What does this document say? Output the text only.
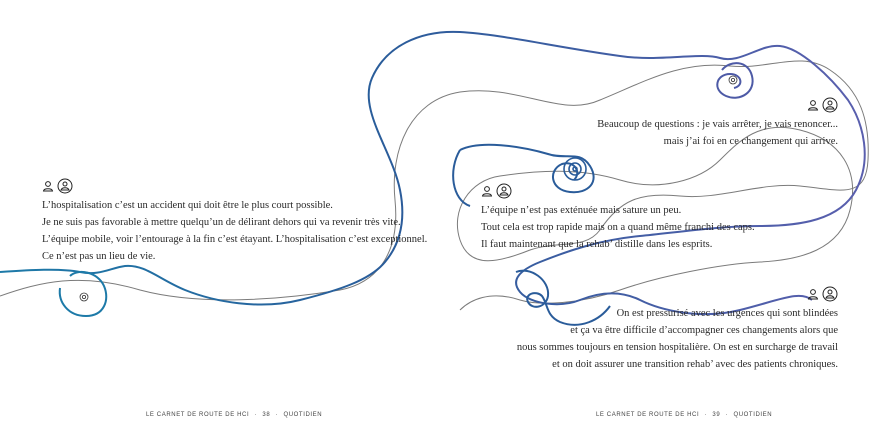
L’hospitalisation c’est un accident qui doit être le plus court possible.

Je ne suis pas favorable à mettre quelqu’un de délirant dehors qui va revenir très vite.

L’équipe mobile, voir l’entourage à la fin c’est étayant. L’hospitalisation c’est exceptionnel.

Ce n’est pas un lieu de vie.

Beaucoup de questions : je vais arrêter, je vais renoncer...

mais j’ai foi en ce changement qui arrive.

L’équipe n’est pas exténuée mais sature un peu.

Tout cela est trop rapide mais on a quand même franchi des caps.

Il faut maintenant que la rehab’ distille dans les esprits.

On est pressurisé avec les urgences qui sont blindées

et ça va être difficile d’accompagner ces changements alors que

nous sommes toujours en tension hospitalière. On est en surcharge de travail

et on doit assurer une transition rehab’ avec des patients chroniques.

LE CARNET DE ROUTE DE HCI · 38 · QUOTIDIEN	LE CARNET DE ROUTE DE HCI · 39 · QUOTIDIEN
